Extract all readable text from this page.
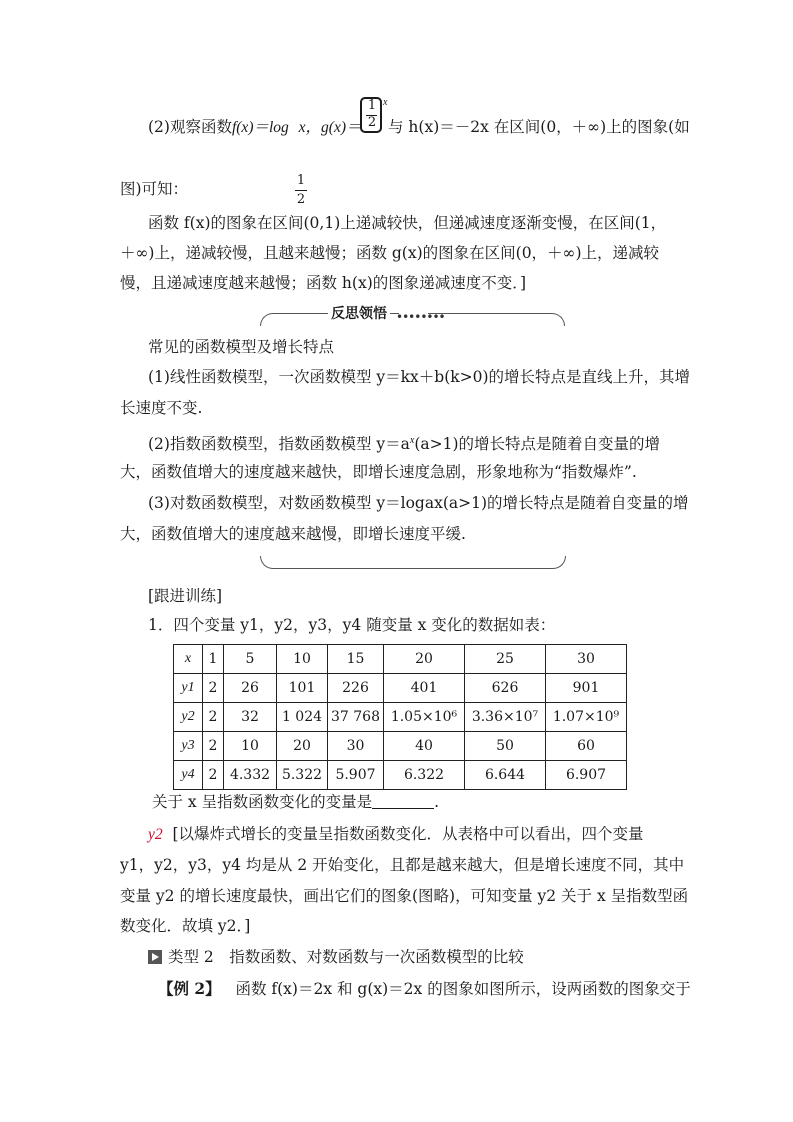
(2)观察函数f(x)＝log x，g(x)＝
1
2
x
与 h(x)＝－2x 在区间(0，＋∞)上的图象(如
图)可知：	1
2
函数 f(x)的图象在区间(0,1)上递减较快，但递减速度逐渐变慢，在区间(1，
＋∞)上，递减较慢，且越来越慢；函数 g(x)的图象在区间(0，＋∞)上，递减较
慢，且递减速度越来越慢；函数 h(x)的图象递减速度不变．]
••••••••
反思领悟
常见的函数模型及增长特点
(1)线性函数模型，一次函数模型 y＝kx＋b(k>0)的增长特点是直线上升，其增
长速度不变.
(2)指数函数模型，指数函数模型 $y=a^x(a>1)$的增长特点是随着自变量的增
大，函数值增大的速度越来越快，即增长速度急剧，形象地称为“指数爆炸”.
(3)对数函数模型，对数函数模型 y＝logax(a>1)的增长特点是随着自变量的增
大，函数值增大的速度越来越慢，即增长速度平缓.
[跟进训练]
1．四个变量 y1，y2，y3，y4 随变量 x 变化的数据如表：
x	1	5	10	15	20	25	30
y1	2	26	101	226	401	626	901
y2	2	32	1 024	37 768	1.05×10⁶	3.36×10⁷	1.07×10⁹
y3	2	10	20	30	40	50	60
y4	2	4.332	5.322	5.907	6.322	6.644	6.907
关于 x 呈指数函数变化的变量是	.
y2 [以爆炸式增长的变量呈指数函数变化．从表格中可以看出，四个变量
y1，y2，y3，y4 均是从 2 开始变化，且都是越来越大，但是增长速度不同，其中
变量 y2 的增长速度最快，画出它们的图象(图略)，可知变量 y2 关于 x 呈指数型函
数变化．故填 y2．]
类型 2　指数函数、对数函数与一次函数模型的比较
【例 2】 函数 f(x)＝2x 和 g(x)＝2x 的图象如图所示，设两函数的图象交于
